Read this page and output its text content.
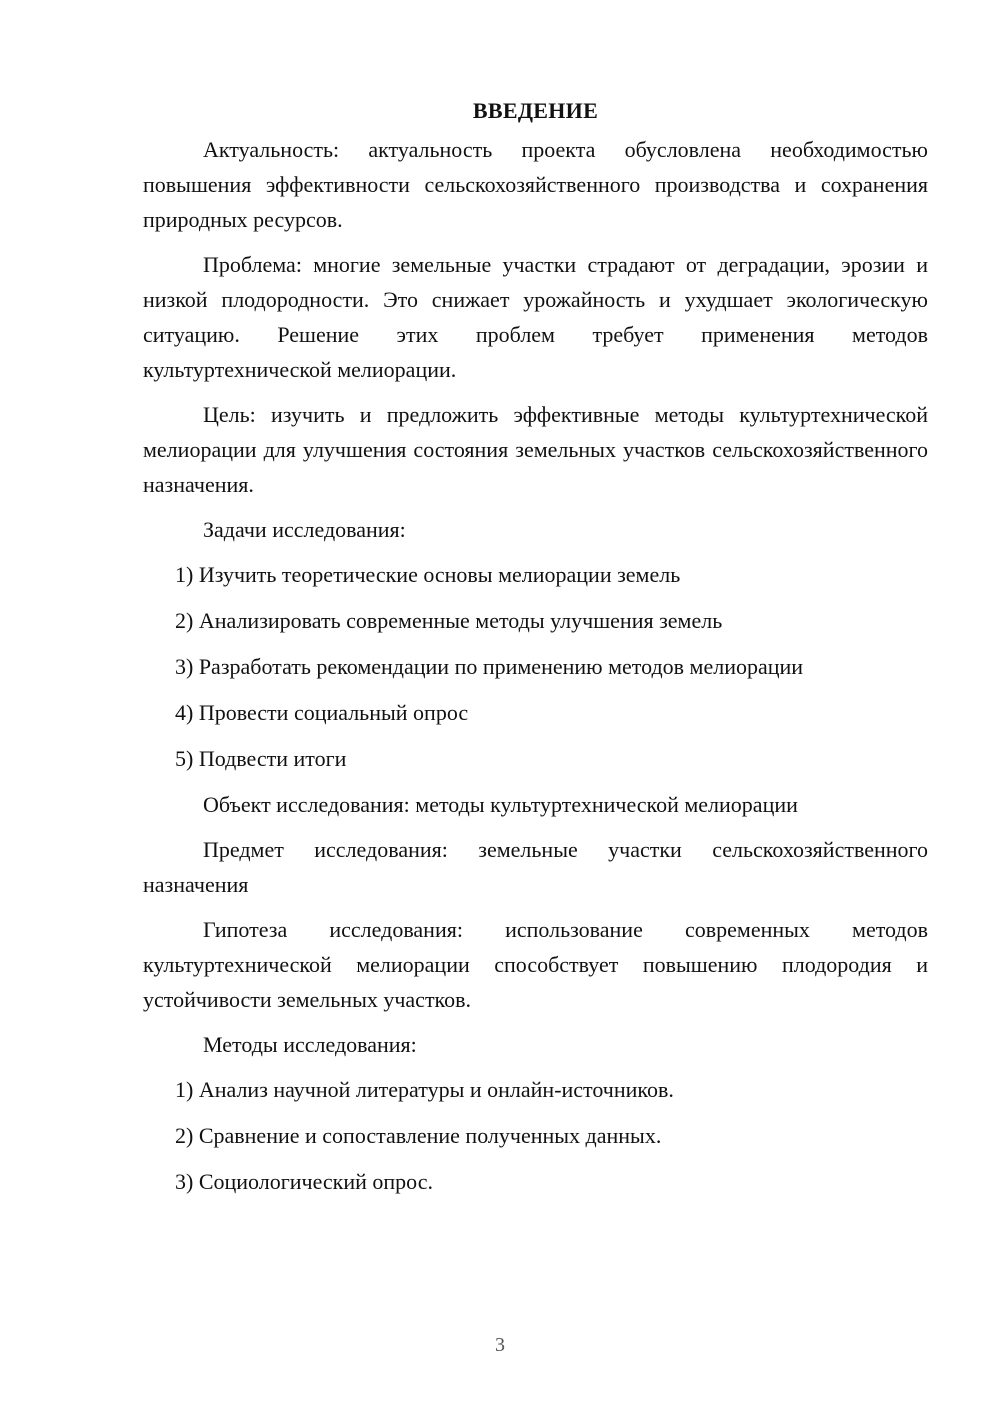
ВВЕДЕНИЕ

Актуальность: актуальность проекта обусловлена необходимостью повышения эффективности сельскохозяйственного производства и сохранения природных ресурсов.

Проблема: многие земельные участки страдают от деградации, эрозии и низкой плодородности. Это снижает урожайность и ухудшает экологическую ситуацию. Решение этих проблем требует применения методов культуртехнической мелиорации.

Цель: изучить и предложить эффективные методы культуртехнической мелиорации для улучшения состояния земельных участков сельскохозяйственного назначения.

Задачи исследования:

1) Изучить теоретические основы мелиорации земель
2) Анализировать современные методы улучшения земель
3) Разработать рекомендации по применению методов мелиорации
4) Провести социальный опрос
5) Подвести итоги

Объект исследования: методы культуртехнической мелиорации

Предмет исследования: земельные участки сельскохозяйственного назначения

Гипотеза исследования: использование современных методов культуртехнической мелиорации способствует повышению плодородия и устойчивости земельных участков.

Методы исследования:

1) Анализ научной литературы и онлайн-источников.
2) Сравнение и сопоставление полученных данных.
3) Социологический опрос.
3
